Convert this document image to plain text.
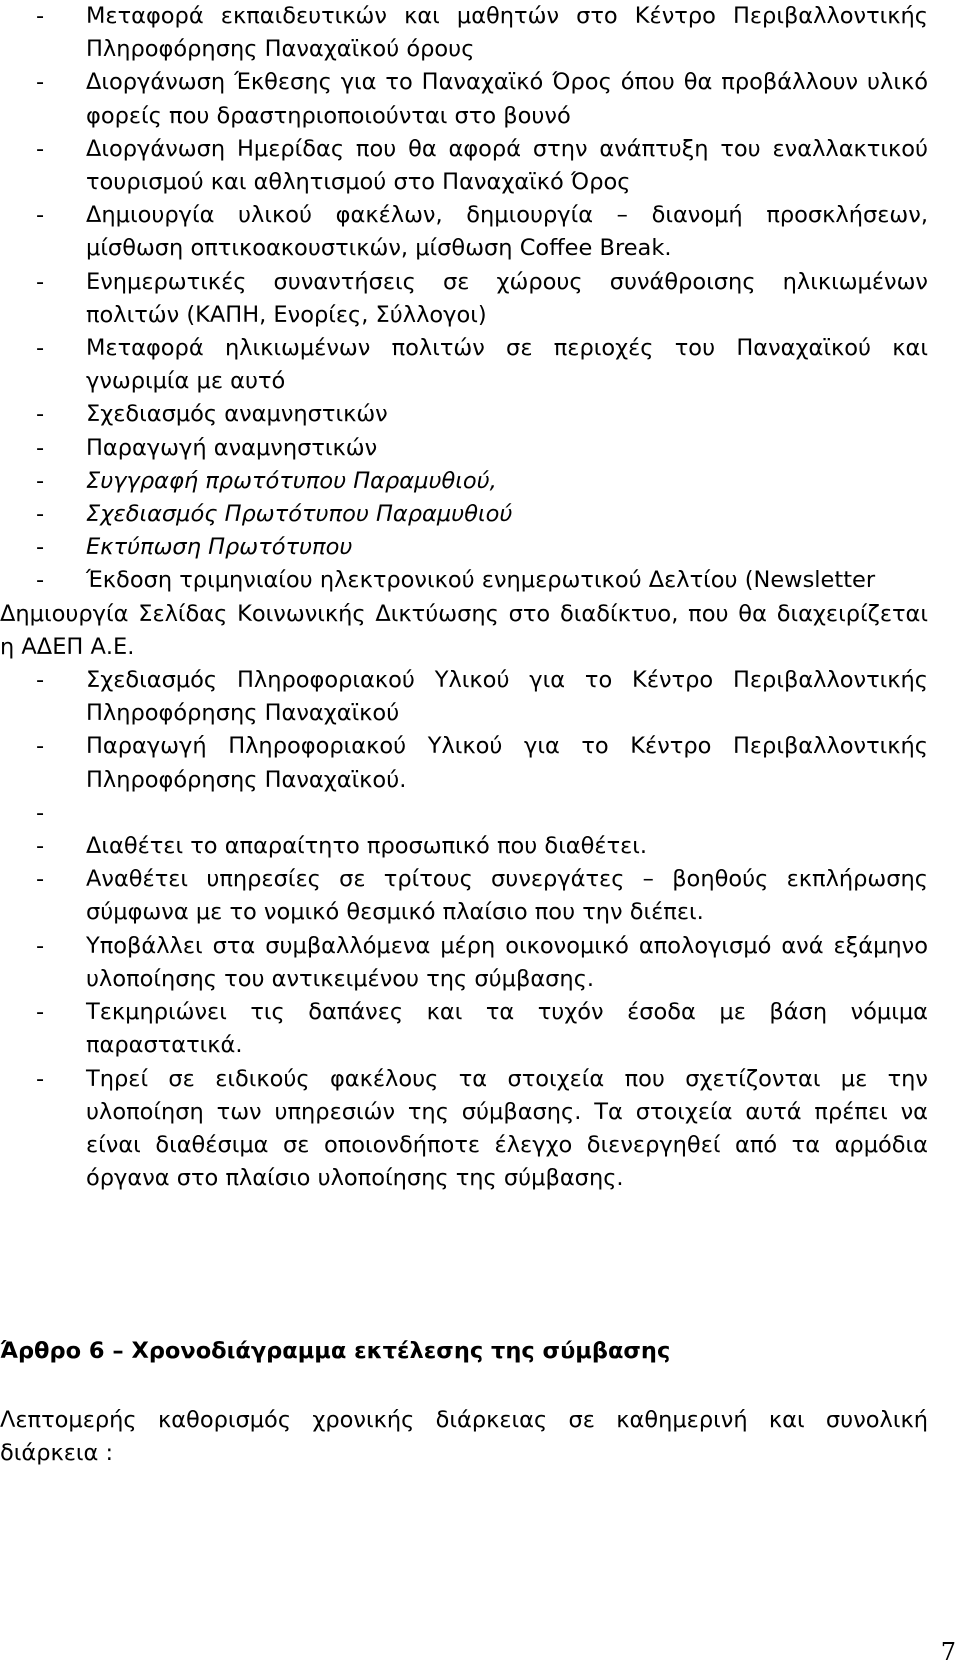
- Μεταφορά εκπαιδευτικών και μαθητών στο Κέντρο Περιβαλλοντικής Πληροφόρησης Παναχαϊκού όρους
- Διοργάνωση Έκθεσης για το Παναχαϊκό Όρος όπου θα προβάλλουν υλικό φορείς που δραστηριοποιούνται στο βουνό
- Διοργάνωση Ημερίδας που θα αφορά στην ανάπτυξη του εναλλακτικού τουρισμού και αθλητισμού στο Παναχαϊκό Όρος
- Δημιουργία υλικού φακέλων, δημιουργία – διανομή προσκλήσεων, μίσθωση οπτικοακουστικών, μίσθωση Coffee Break.
- Ενημερωτικές συναντήσεις σε χώρους συνάθροισης ηλικιωμένων πολιτών (ΚΑΠΗ, Ενορίες, Σύλλογοι)
- Μεταφορά ηλικιωμένων πολιτών σε περιοχές του Παναχαϊκού και γνωριμία με αυτό
- Σχεδιασμός αναμνηστικών
- Παραγωγή αναμνηστικών
- Συγγραφή πρωτότυπου Παραμυθιού,
- Σχεδιασμός Πρωτότυπου Παραμυθιού
- Εκτύπωση Πρωτότυπου
- Έκδοση τριμηνιαίου ηλεκτρονικού ενημερωτικού Δελτίου (Newsletter
Δημιουργία Σελίδας Κοινωνικής Δικτύωσης στο διαδίκτυο, που θα διαχειρίζεται η ΑΔΕΠ Α.Ε.
- Σχεδιασμός Πληροφοριακού Υλικού για το Κέντρο Περιβαλλοντικής Πληροφόρησης Παναχαϊκού
- Παραγωγή Πληροφοριακού Υλικού για το Κέντρο Περιβαλλοντικής Πληροφόρησης Παναχαϊκού.
-

- Διαθέτει το απαραίτητο προσωπικό που διαθέτει.
- Αναθέτει υπηρεσίες σε τρίτους συνεργάτες – βοηθούς εκπλήρωσης σύμφωνα με το νομικό θεσμικό πλαίσιο που την διέπει.
- Υποβάλλει στα συμβαλλόμενα μέρη οικονομικό απολογισμό ανά εξάμηνο υλοποίησης του αντικειμένου της σύμβασης.
- Τεκμηριώνει τις δαπάνες και τα τυχόν έσοδα με βάση νόμιμα παραστατικά.
- Τηρεί σε ειδικούς φακέλους τα στοιχεία που σχετίζονται με την υλοποίηση των υπηρεσιών της σύμβασης. Τα στοιχεία αυτά πρέπει να είναι διαθέσιμα σε οποιονδήποτε έλεγχο διενεργηθεί από τα αρμόδια όργανα στο πλαίσιο υλοποίησης της σύμβασης.
Άρθρο 6 – Χρονοδιάγραμμα εκτέλεσης της σύμβασης
Λεπτομερής καθορισμός χρονικής διάρκειας σε καθημερινή και συνολική διάρκεια :
7
